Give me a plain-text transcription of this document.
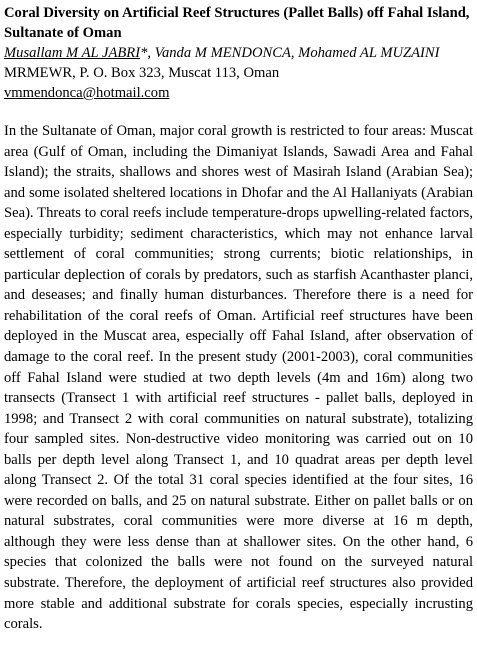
Coral Diversity on Artificial Reef Structures (Pallet Balls) off Fahal Island, Sultanate of Oman

Musallam M AL JABRI*, Vanda M MENDONCA, Mohamed AL MUZAINI

MRMEWR, P. O. Box 323, Muscat 113, Oman

vmmendonca@hotmail.com

In the Sultanate of Oman, major coral growth is restricted to four areas: Muscat area (Gulf of Oman, including the Dimaniyat Islands, Sawadi Area and Fahal Island); the straits, shallows and shores west of Masirah Island (Arabian Sea); and some isolated sheltered locations in Dhofar and the Al Hallaniyats (Arabian Sea). Threats to coral reefs include temperature-drops upwelling-related factors, especially turbidity; sediment characteristics, which may not enhance larval settlement of coral communities; strong currents; biotic relationships, in particular deplection of corals by predators, such as starfish Acanthaster planci, and deseases; and finally human disturbances. Therefore there is a need for rehabilitation of the coral reefs of Oman. Artificial reef structures have been deployed in the Muscat area, especially off Fahal Island, after observation of damage to the coral reef. In the present study (2001-2003), coral communities off Fahal Island were studied at two depth levels (4m and 16m) along two transects (Transect 1 with artificial reef structures - pallet balls, deployed in 1998; and Transect 2 with coral communities on natural substrate), totalizing four sampled sites. Non-destructive video monitoring was carried out on 10 balls per depth level along Transect 1, and 10 quadrat areas per depth level along Transect 2. Of the total 31 coral species identified at the four sites, 16 were recorded on balls, and 25 on natural substrate. Either on pallet balls or on natural substrates, coral communities were more diverse at 16 m depth, although they were less dense than at shallower sites. On the other hand, 6 species that colonized the balls were not found on the surveyed natural substrate. Therefore, the deployment of artificial reef structures also provided more stable and additional substrate for corals species, especially incrusting corals.
